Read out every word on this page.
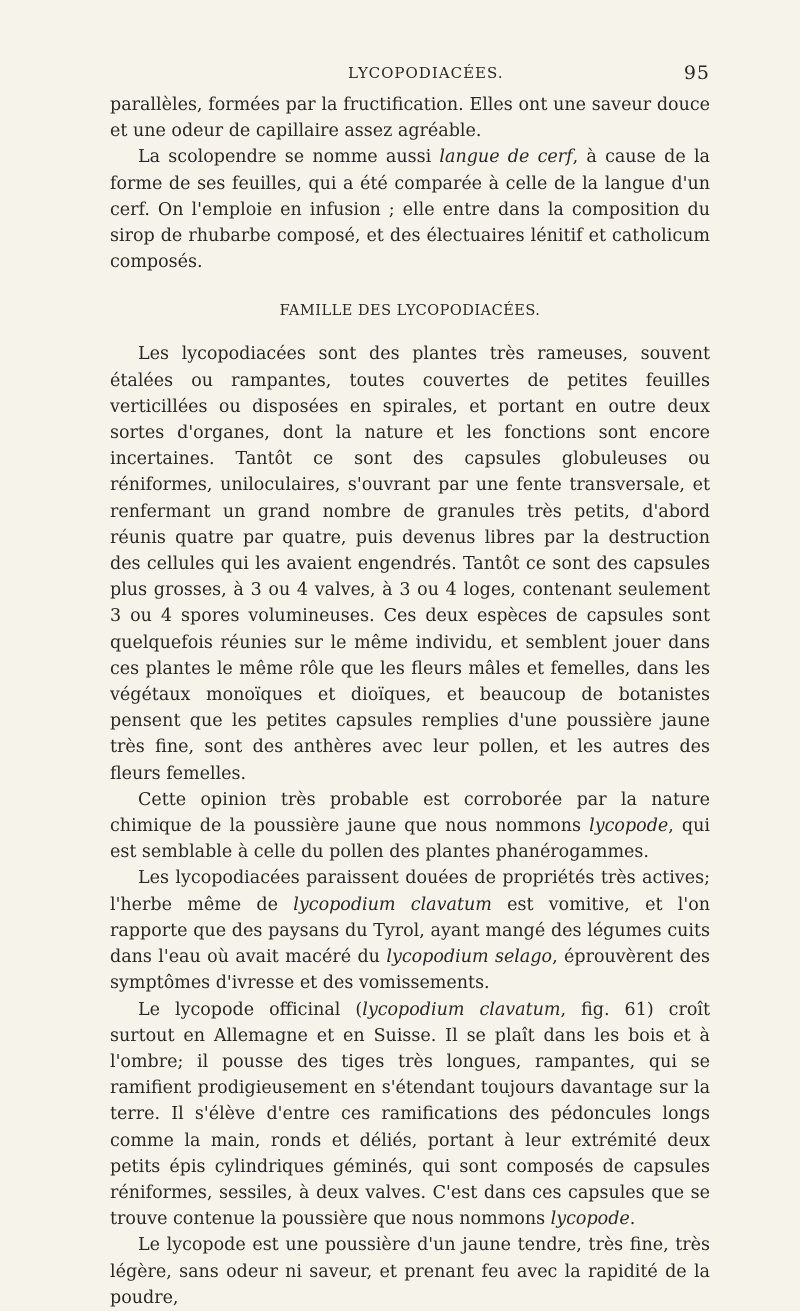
LYCOPODIACÉES.	95

parallèles, formées par la fructification. Elles ont une saveur douce et une odeur de capillaire assez agréable.

La scolopendre se nomme aussi langue de cerf, à cause de la forme de ses feuilles, qui a été comparée à celle de la langue d'un cerf. On l'emploie en infusion ; elle entre dans la composition du sirop de rhubarbe composé, et des électuaires lénitif et catholicum composés.

FAMILLE DES LYCOPODIACÉES.

Les lycopodiacées sont des plantes très rameuses, souvent étalées ou rampantes, toutes couvertes de petites feuilles verticillées ou disposées en spirales, et portant en outre deux sortes d'organes, dont la nature et les fonctions sont encore incertaines. Tantôt ce sont des capsules globuleuses ou réniformes, uniloculaires, s'ouvrant par une fente transversale, et renfermant un grand nombre de granules très petits, d'abord réunis quatre par quatre, puis devenus libres par la destruction des cellules qui les avaient engendrés. Tantôt ce sont des capsules plus grosses, à 3 ou 4 valves, à 3 ou 4 loges, contenant seulement 3 ou 4 spores volumineuses. Ces deux espèces de capsules sont quelquefois réunies sur le même individu, et semblent jouer dans ces plantes le même rôle que les fleurs mâles et femelles, dans les végétaux monoïques et dioïques, et beaucoup de botanistes pensent que les petites capsules remplies d'une poussière jaune très fine, sont des anthères avec leur pollen, et les autres des fleurs femelles.

Cette opinion très probable est corroborée par la nature chimique de la poussière jaune que nous nommons lycopode, qui est semblable à celle du pollen des plantes phanérogammes.

Les lycopodiacées paraissent douées de propriétés très actives; l'herbe même de lycopodium clavatum est vomitive, et l'on rapporte que des paysans du Tyrol, ayant mangé des légumes cuits dans l'eau où avait macéré du lycopodium selago, éprouvèrent des symptômes d'ivresse et des vomissements.

Le lycopode officinal (lycopodium clavatum, fig. 61) croît surtout en Allemagne et en Suisse. Il se plaît dans les bois et à l'ombre; il pousse des tiges très longues, rampantes, qui se ramifient prodigieusement en s'étendant toujours davantage sur la terre. Il s'élève d'entre ces ramifications des pédoncules longs comme la main, ronds et déliés, portant à leur extrémité deux petits épis cylindriques géminés, qui sont composés de capsules réniformes, sessiles, à deux valves. C'est dans ces capsules que se trouve contenue la poussière que nous nommons lycopode.

Le lycopode est une poussière d'un jaune tendre, très fine, très légère, sans odeur ni saveur, et prenant feu avec la rapidité de la poudre,
